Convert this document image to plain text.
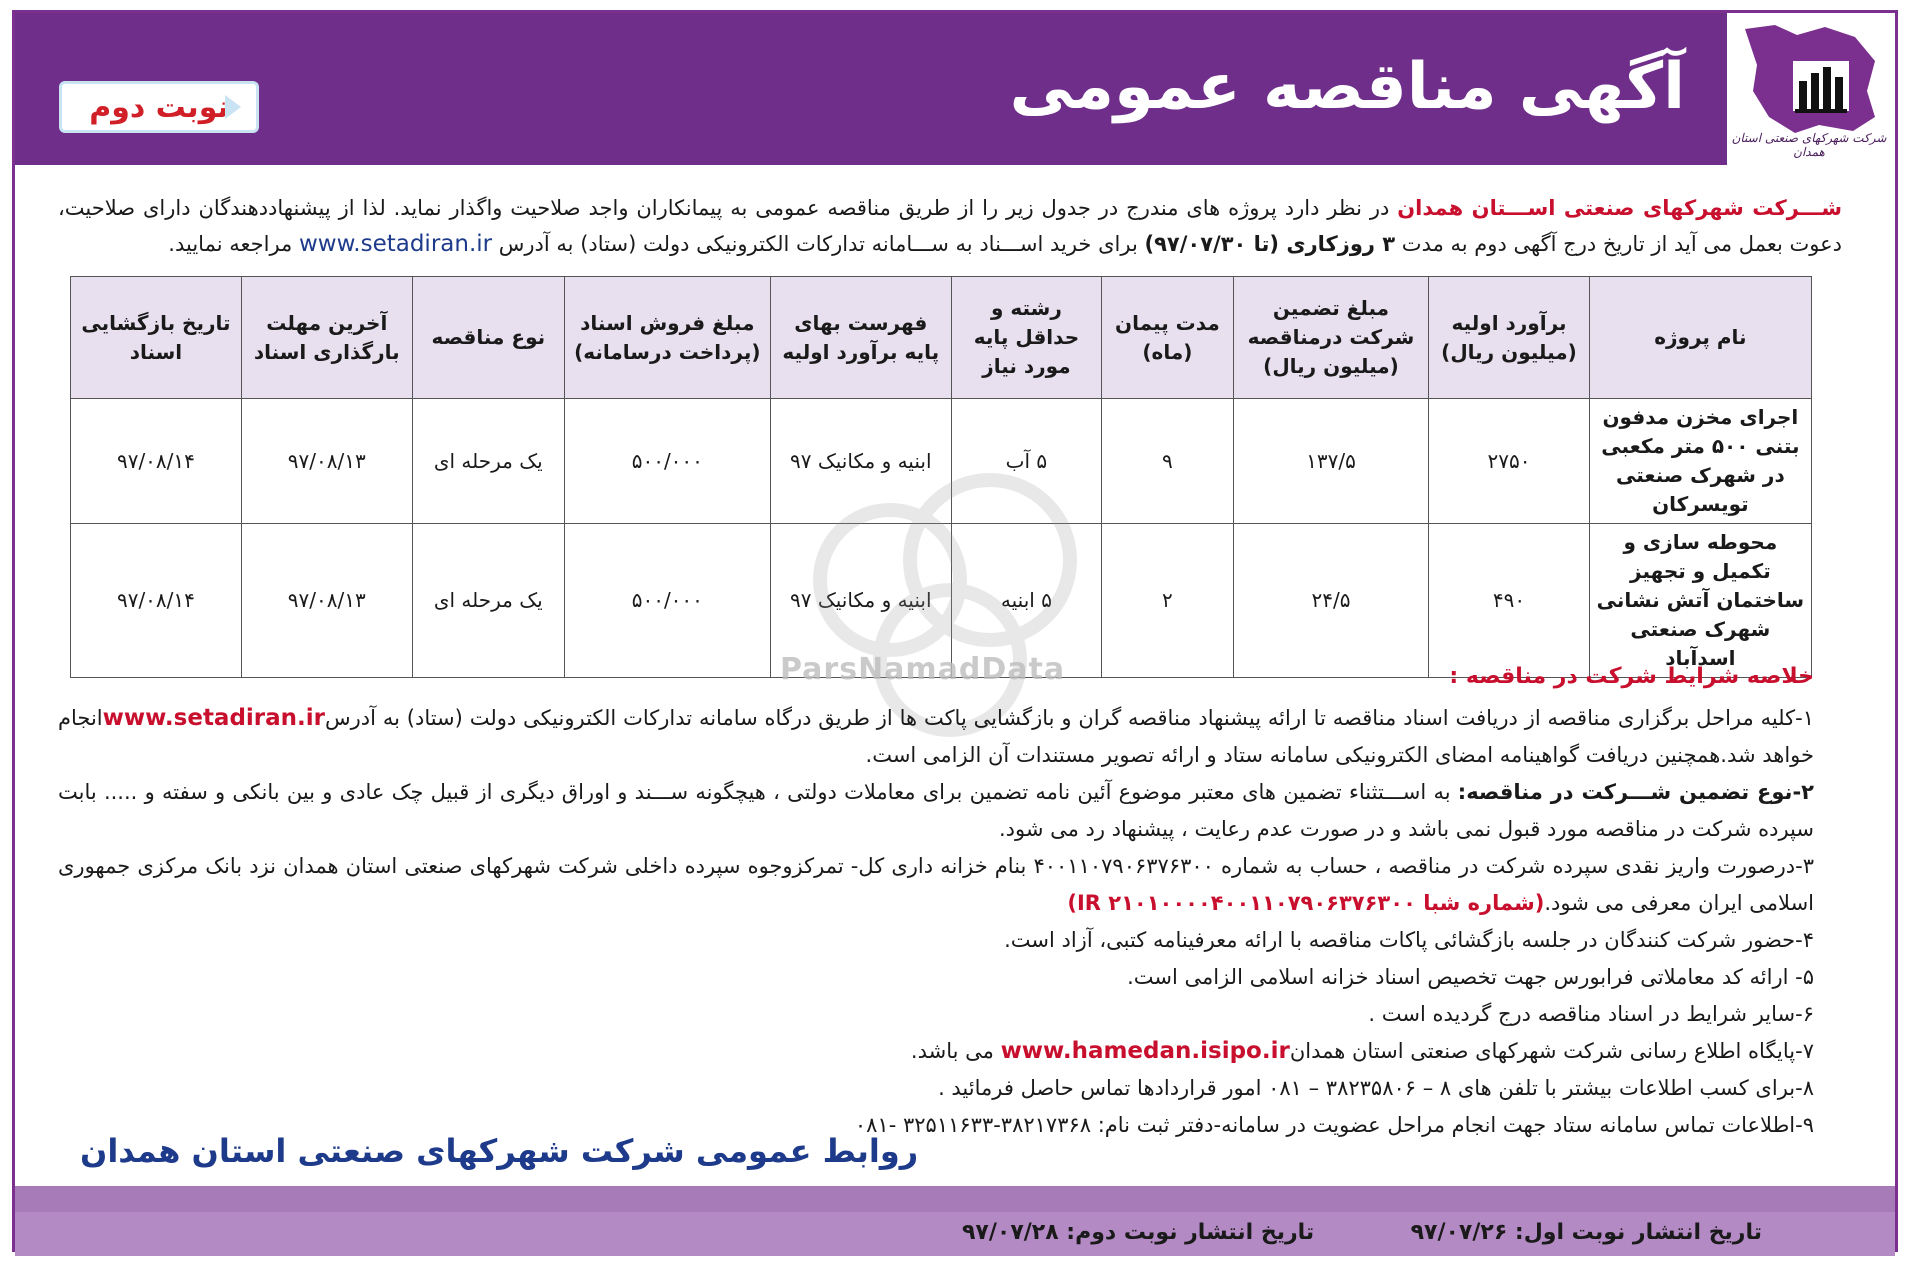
آگهی مناقصه عمومی
شرکت شهرکهای صنعتی استان همدان
نوبت دوم
شـــرکت شهرکهای صنعتی اســـتان همدان در نظر دارد پروژه های مندرج در جدول زیر را از طریق مناقصه عمومی به پیمانکاران واجد صلاحیت واگذار نماید. لذا از پیشنهاددهندگان دارای صلاحیت، دعوت بعمل می آید از تاریخ درج آگهی دوم به مدت ۳ روزکاری (تا ۹۷/۰۷/۳۰) برای خرید اســـناد به ســـامانه تدارکات الکترونیکی دولت (ستاد) به آدرس www.setadiran.ir مراجعه نمایید.
نام پروژه	برآورد اولیه (میلیون ریال)	مبلغ تضمین شرکت درمناقصه (میلیون ریال)	مدت پیمان (ماه)	رشته و حداقل پایه مورد نیاز	فهرست بهای پایه برآورد اولیه	مبلغ فروش اسناد (پرداخت درسامانه)	نوع مناقصه	آخرین مهلت بارگذاری اسناد	تاریخ بازگشایی اسناد
اجرای مخزن مدفون بتنی ۵۰۰ متر مکعبی در شهرک صنعتی تویسرکان	۲۷۵۰	۱۳۷/۵	۹	۵ آب	ابنیه و مکانیک ۹۷	۵۰۰/۰۰۰	یک مرحله ای	۹۷/۰۸/۱۳	۹۷/۰۸/۱۴
محوطه سازی و تکمیل و تجهیز ساختمان آتش نشانی شهرک صنعتی اسدآباد	۴۹۰	۲۴/۵	۲	۵ ابنیه	ابنیه و مکانیک ۹۷	۵۰۰/۰۰۰	یک مرحله ای	۹۷/۰۸/۱۳	۹۷/۰۸/۱۴
ParsNamadData	خلاصه شرایط شرکت در مناقصه :

۱-کلیه مراحل برگزاری مناقصه از دریافت اسناد مناقصه تا ارائه پیشنهاد مناقصه گران و بازگشایی پاکت ها از طریق درگاه سامانه تدارکات الکترونیکی دولت (ستاد) به آدرسwww.setadiran.irانجام خواهد شد.همچنین دریافت گواهینامه امضای الکترونیکی سامانه ستاد و ارائه تصویر مستندات آن الزامی است.

۲-نوع تضمین شـــرکت در مناقصه: به اســـتثناء تضمین های معتبر موضوع آئین نامه تضمین برای معاملات دولتی ، هیچگونه ســـند و اوراق دیگری از قبیل چک عادی و بین بانکی و سفته و ..... بابت سپرده شرکت در مناقصه مورد قبول نمی باشد و در صورت عدم رعایت ، پیشنهاد رد می شود.

۳-درصورت واریز نقدی سپرده شرکت در مناقصه ، حساب به شماره ۴۰۰۱۱۰۷۹۰۶۳۷۶۳۰۰ بنام خزانه داری کل- تمرکزوجوه سپرده داخلی شرکت شهرکهای صنعتی استان همدان نزد بانک مرکزی جمهوری اسلامی ایران معرفی می شود.(شماره شبا IR ۲۱۰۱۰۰۰۰۴۰۰۱۱۰۷۹۰۶۳۷۶۳۰۰)

۴-حضور شرکت کنندگان در جلسه بازگشائی پاکات مناقصه با ارائه معرفینامه کتبی، آزاد است.

۵- ارائه کد معاملاتی فرابورس جهت تخصیص اسناد خزانه اسلامی الزامی است.

۶-سایر شرایط در اسناد مناقصه درج گردیده است .

۷-پایگاه اطلاع رسانی شرکت شهرکهای صنعتی استان همدانwww.hamedan.isipo.ir می باشد.

۸-برای کسب اطلاعات بیشتر با تلفن های ۸ – ۳۸۲۳۵۸۰۶ – ۰۸۱ امور قراردادها تماس حاصل فرمائید .

۹-اطلاعات تماس سامانه ستاد جهت انجام مراحل عضویت در سامانه-دفتر ثبت نام: ۳۸۲۱۷۳۶۸-۳۲۵۱۱۶۳۳ -۰۸۱

روابط عمومی شرکت شهرکهای صنعتی استان همدان
تاریخ انتشار نوبت اول: ۹۷/۰۷/۲۶
تاریخ انتشار نوبت دوم: ۹۷/۰۷/۲۸
